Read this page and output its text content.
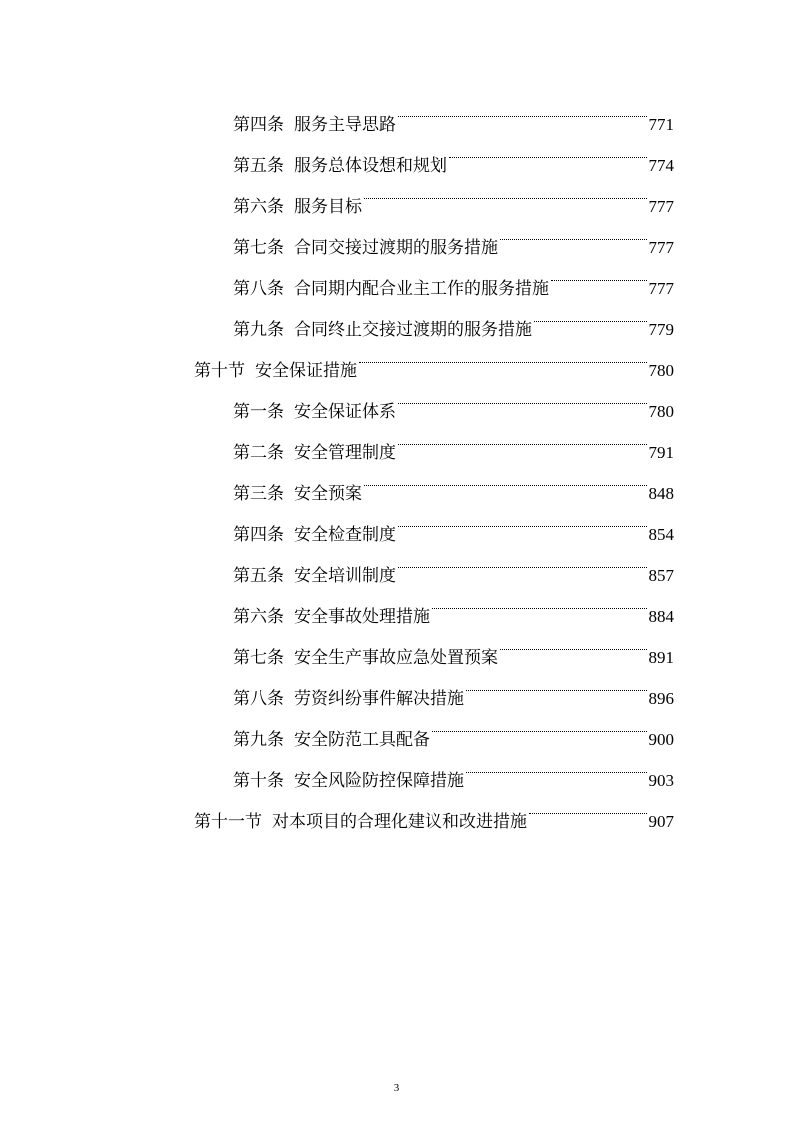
第四条 服务主导思路	771
第五条 服务总体设想和规划	774
第六条 服务目标	777
第七条 合同交接过渡期的服务措施	777
第八条 合同期内配合业主工作的服务措施	777
第九条 合同终止交接过渡期的服务措施	779
第十节 安全保证措施	780
第一条 安全保证体系	780
第二条 安全管理制度	791
第三条 安全预案	848
第四条 安全检查制度	854
第五条 安全培训制度	857
第六条 安全事故处理措施	884
第七条 安全生产事故应急处置预案	891
第八条 劳资纠纷事件解决措施	896
第九条 安全防范工具配备	900
第十条 安全风险防控保障措施	903
第十一节 对本项目的合理化建议和改进措施	907
3
